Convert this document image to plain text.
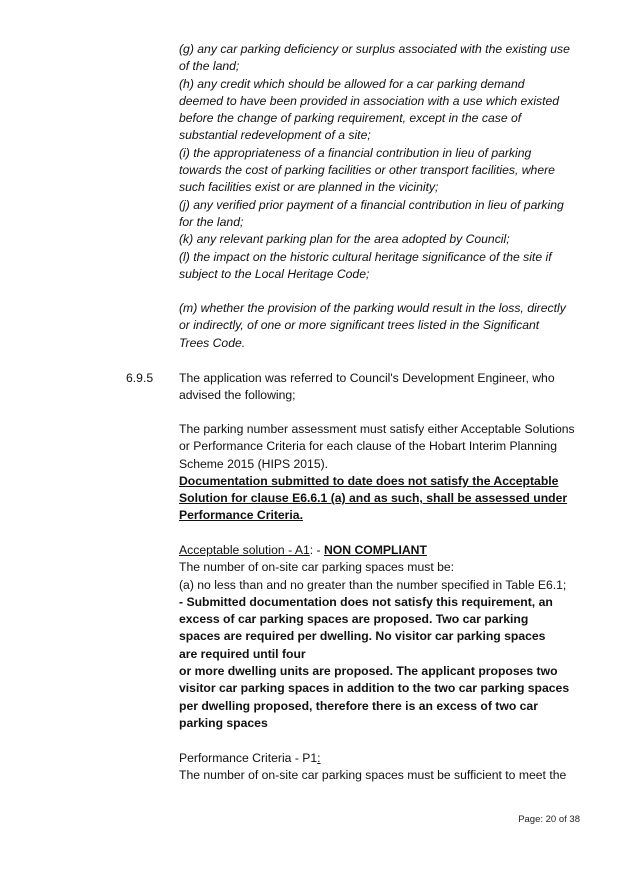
(g) any car parking deficiency or surplus associated with the existing use
of the land;
(h) any credit which should be allowed for a car parking demand
deemed to have been provided in association with a use which existed
before the change of parking requirement, except in the case of
substantial redevelopment of a site;
(i) the appropriateness of a financial contribution in lieu of parking
towards the cost of parking facilities or other transport facilities, where
such facilities exist or are planned in the vicinity;
(j) any verified prior payment of a financial contribution in lieu of parking
for the land;
(k) any relevant parking plan for the area adopted by Council;
(l) the impact on the historic cultural heritage significance of the site if
subject to the Local Heritage Code;
(m) whether the provision of the parking would result in the loss, directly
or indirectly, of one or more significant trees listed in the Significant
Trees Code.
6.9.5 The application was referred to Council's Development Engineer, who
advised the following;
The parking number assessment must satisfy either Acceptable Solutions
or Performance Criteria for each clause of the Hobart Interim Planning
Scheme 2015 (HIPS 2015).
Documentation submitted to date does not satisfy the Acceptable
Solution for clause E6.6.1 (a) and as such, shall be assessed under
Performance Criteria.
Acceptable solution - A1: - NON COMPLIANT
The number of on-site car parking spaces must be:
(a) no less than and no greater than the number specified in Table E6.1;
- Submitted documentation does not satisfy this requirement, an
excess of car parking spaces are proposed. Two car parking
spaces are required per dwelling. No visitor car parking spaces
are required until four
or more dwelling units are proposed. The applicant proposes two
visitor car parking spaces in addition to the two car parking spaces
per dwelling proposed, therefore there is an excess of two car
parking spaces
Performance Criteria - P1:
The number of on-site car parking spaces must be sufficient to meet the
Page: 20 of 38
